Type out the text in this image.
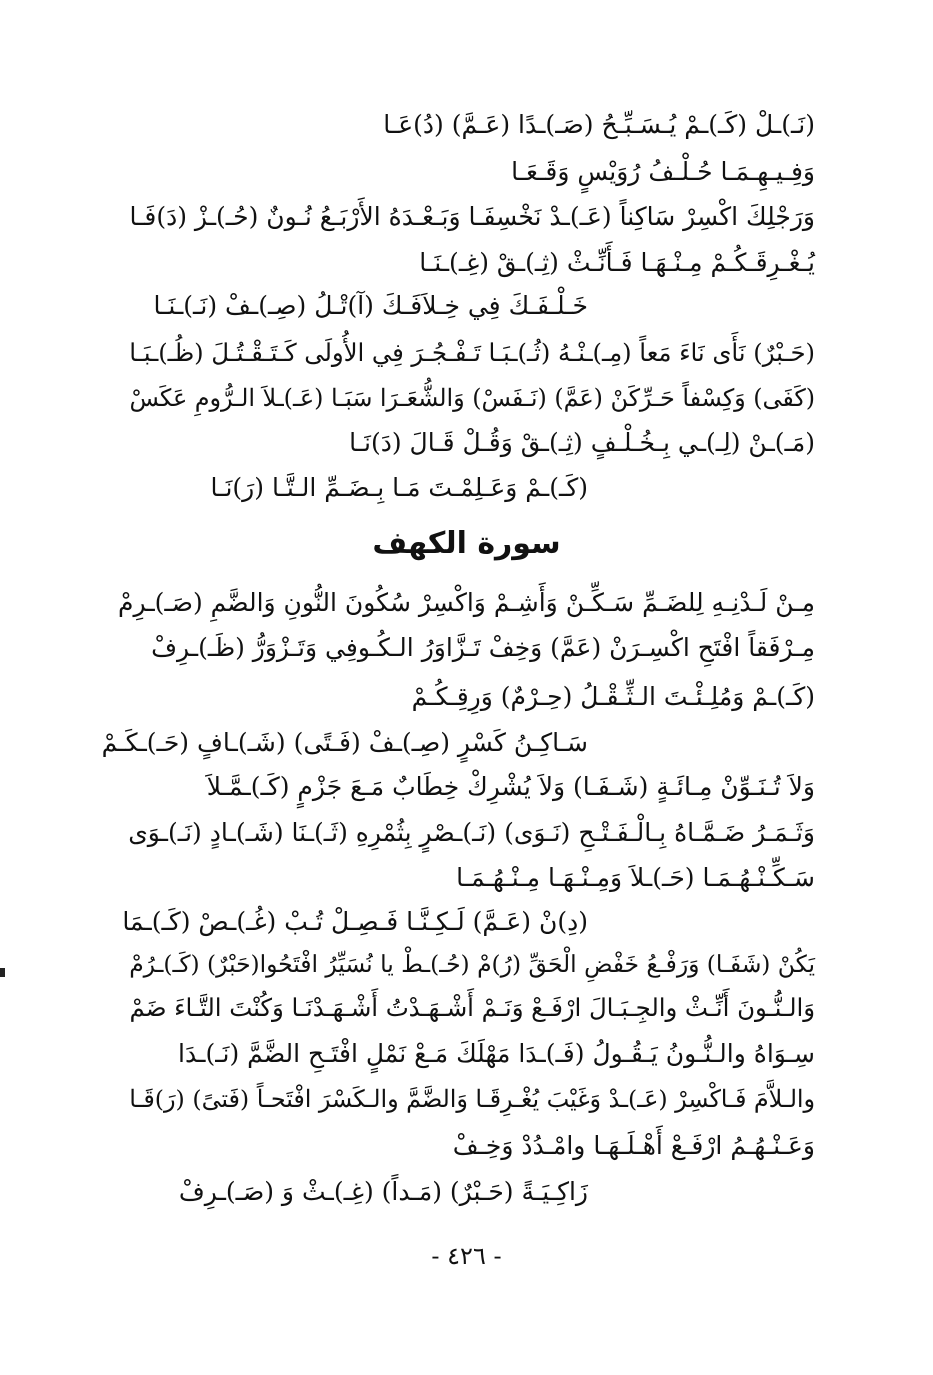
(نَـ)ـلْ (كَـ)ـمْ يُـسَـبِّـحُ (صَـ)ـدًا (عَـمَّ) (دُ)عَـا
وَفِـيـهِـمَـا حُـلْـفُ رُوَيْسٍ وَقَـعَـا
وَرَجْلِكَ اكْسِرْ سَاكِناً (عَـ)ـدْ نَخْسِفَـا وَبَـعْـدَهُ الأَرْبَـعُ نُـونٌ (حُـ)ـزْ (دَ)فَـا
يُـغْـرِقَـكُـمْ مِـنْـهَـا فَـأَنِّـثْ (ثِـ)ـقْ (غِـ)ـنَـا
خَـلْـفَـكَ فِي خِـلاَفَـكَ (آ)تْـلُ (صِـ)ـفْ (نَـ)ـنَـا
(حَـبْرٌ) نَأَى نَاءَ مَعاً (مِـ)ـنْـهُ (ثُـ)ـبَـا تَـفْـجُـرَ فِي الأُولَى كَـتَـقْـتُـلَ (ظُـ)ـبَـا
(كَفَى) وَكِسْفاً حَـرِّكَنْ (عَمَّ) (نَـفَسْ) وَالشُّعَـرَا سَبَـا (عَـ)ـلاَ الـرُّومِ عَكَسْ
(مَـ)ـنْ (لِـ)ـي بِـخُـلْـفٍ (ثِـ)ـقْ وَقُـلْ قَـالَ (دَ)نَـا
(كَـ)ـمْ وَعَـلِمْـتَ مَـا بِـضَـمِّ الـتَّـا (رَ)نَـا
سورة الكهف
مِـنْ لَـدْنِـهِ لِلضَـمِّ سَـكِّـنْ وَأَشِـمْ وَاكْسِرْ سُكُونَ النُّونِ وَالضَّمِ (صَـ)ـرِمْ
مِـرْفَقاً افْتَحِ اكْسِـرَنْ (عَمَّ) وَخِفْ تَـزَّاوَرُ الـكُـوفِي وَتَـزْوَرُّ (ظَـ)ـرِفْ
(كَـ)ـمْ وَمُلِـئْـتَ الـثِّـقْـلُ (حِـرْمٌ) وَرِقِـكُـمْ
سَـاكِـنُ كَسْرٍ (صِـ)ـفْ (فَـتًى) (شَـ)ـافٍ (حَـ)ـكَـمْ
وَلاَ تُـنَـوِّنْ مِـائَـةٍ (شَـفَـا) وَلاَ يُشْرِكْ خِطَابٌ مَـعَ جَزْمٍ (كَـ)ـمَّـلاَ
وَثَـمَـرُ ضَـمَّـاهُ بِـالْـفَـتْـحِ (نَـوَى) (نَـ)ـصْرٍ بِثُمْرِهِ (ثَـ)ـنَا (شَـ)ـادٍ (نَـ)ـوَى
سَـكِّـنْـهُـمَـا (حَـ)ـلاَ وَمِـنْـهَـا مِـنْـهُـمَـا
(دِ)نْ (عَـمَّ) لَـكِـنَّـا فَـصِـلْ تُـبْ (غُـ)ـصْ (كَـ)ـمَا
يَكُنْ (شَفَـا) وَرَفْـعُ خَفْضِ الْحَقِّ (رُ)مْ (حُـ)ـطْ يا نُسَيِّرُ افْتَحُوا(حَبْرٌ) (كَـ)ـرُمْ
وَالـنُّـونَ أَنِّـثْ والجِـبَـالَ ارْفَـعْ وَنَـمْ أَشْـهَـدْتُ أَشْـهَـدْنَـا وَكُنْتَ التَّـاءَ ضَمْ
سِـوَاهُ والـنُّـونُ يَـقُـولُ (فَـ)ـدَا مَهْلَكَ مَـعْ نَمْلٍ افْتَـحِ الضَّمَّ (نَـ)ـدَا
والـلاَّمَ فَـاكْسِرْ (عَـ)ـدْ وَغَيْبَ يُغْـرِقَـا وَالضَّمَّ والـكَسْرَ افْتَحـاً (فَتىً) (رَ)قَـا
وَعَـنْـهُـمُ ارْفَـعْ أَهْـلَـهَـا وامْـدُدْ وَخِـفْ
زَاكِـيَـةً (حَـبْرٌ) (مَـداً) (غِـ)ـثْ وَ (صَـ)ـرِفْ
- ٤٢٦ -
